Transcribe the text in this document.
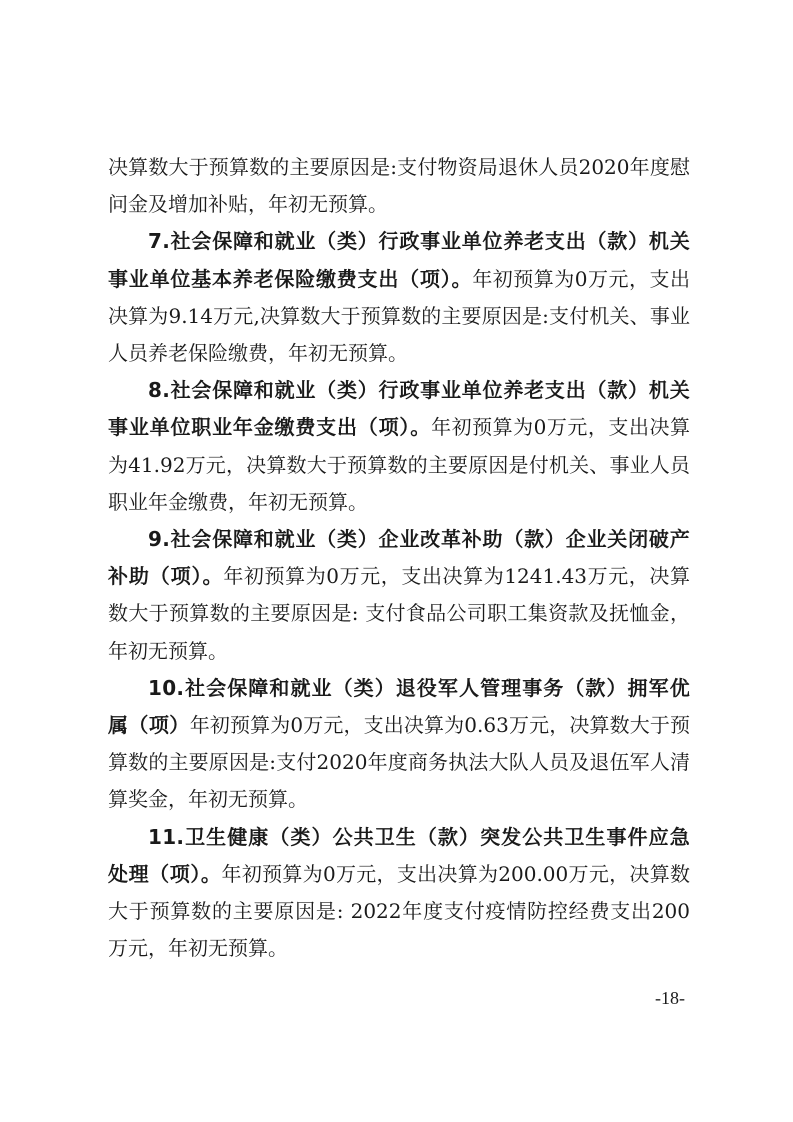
决算数大于预算数的主要原因是:支付物资局退休人员2020年度慰问金及增加补贴，年初无预算。

7.社会保障和就业（类）行政事业单位养老支出（款）机关事业单位基本养老保险缴费支出（项）。年初预算为0万元，支出决算为9.14万元,决算数大于预算数的主要原因是:支付机关、事业人员养老保险缴费，年初无预算。

8.社会保障和就业（类）行政事业单位养老支出（款）机关事业单位职业年金缴费支出（项）。年初预算为0万元，支出决算为41.92万元，决算数大于预算数的主要原因是付机关、事业人员职业年金缴费，年初无预算。

9.社会保障和就业（类）企业改革补助（款）企业关闭破产补助（项）。年初预算为0万元，支出决算为1241.43万元，决算数大于预算数的主要原因是: 支付食品公司职工集资款及抚恤金，年初无预算。

10.社会保障和就业（类）退役军人管理事务（款）拥军优属（项）年初预算为0万元，支出决算为0.63万元，决算数大于预算数的主要原因是:支付2020年度商务执法大队人员及退伍军人清算奖金，年初无预算。

11.卫生健康（类）公共卫生（款）突发公共卫生事件应急处理（项）。年初预算为0万元，支出决算为200.00万元，决算数大于预算数的主要原因是: 2022年度支付疫情防控经费支出200万元，年初无预算。

-18-
